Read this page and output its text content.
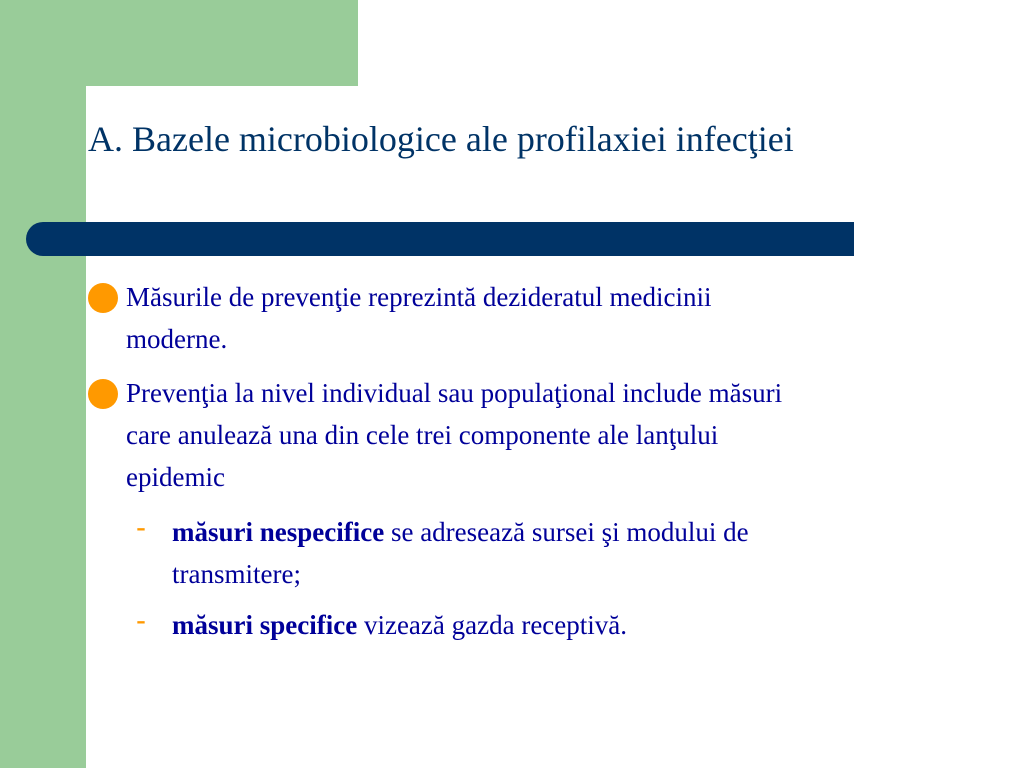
A. Bazele microbiologice ale profilaxiei infecţiei
Măsurile de prevenţie reprezintă dezideratul medicinii
moderne.
Prevenţia la nivel individual sau populaţional include măsuri
care anulează una din cele trei componente ale lanţului
epidemic
- măsuri nespecifice se adresează sursei şi modului de
transmitere;
- măsuri specifice vizează gazda receptivă.
